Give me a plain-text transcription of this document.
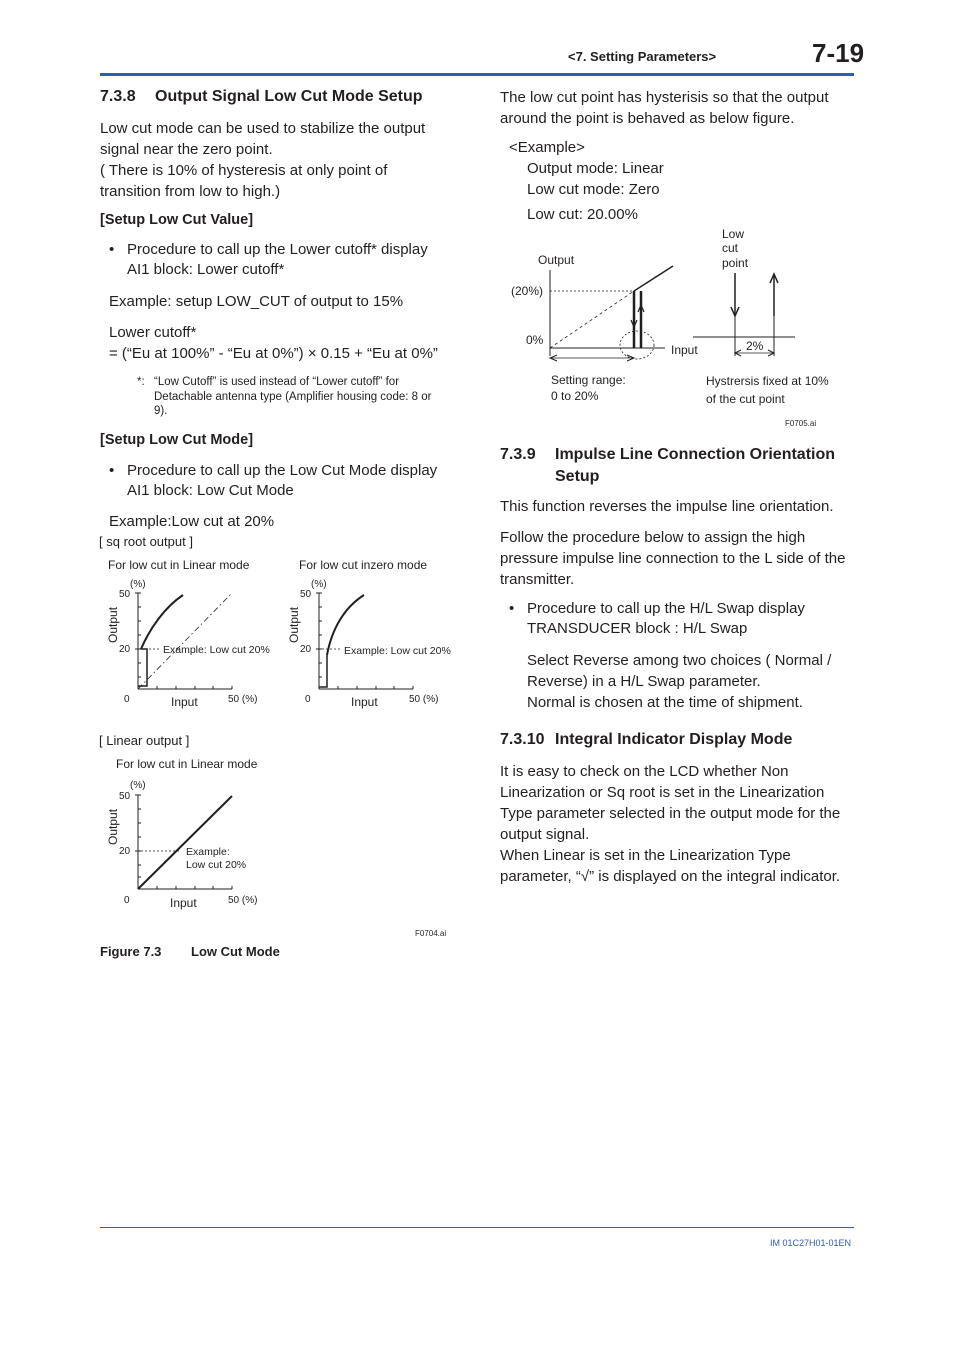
<7. Setting Parameters>	7-19
7.3.8 Output Signal Low Cut Mode Setup
Low cut mode can be used to stabilize the output
signal near the zero point.
( There is 10% of hysteresis at only point of
transition from low to high.)
[Setup Low Cut Value]
• Procedure to call up the Lower cutoff* display
AI1 block: Lower cutoff*
Example: setup LOW_CUT of output to 15%
Lower cutoff*
= (“Eu at 100%” - “Eu at 0%”) × 0.15 + “Eu at 0%”
*: “Low Cutoff” is used instead of “Lower cutoff” for
Detachable antenna type (Amplifier housing code: 8 or
9).
[Setup Low Cut Mode]
• Procedure to call up the Low Cut Mode display
AI1 block: Low Cut Mode
Example:Low cut at 20%
[ sq root output ]
For low cut in Linear mode
(%)
50
20
0	Input	50 (%)
Output
Example: Low cut 20%
For low cut inzero mode
(%)
50
20
0	Input	50 (%)
Output
Example: Low cut 20%
[ Linear output ]
For low cut in Linear mode
(%)
50
20
0	Input	50 (%)
Output
Example:
Low cut 20%
F0704.ai
Figure 7.3 Low Cut Mode
The low cut point has hysterisis so that the output
around the point is behaved as below figure.
<Example>
Output mode: Linear
Low cut mode: Zero
Low cut: 20.00%
Output
(20%)
0%
Input
Setting range:
0 to 20%
Low
cut
point
2%
Hystrersis fixed at 10%
of the cut point
F0705.ai
7.3.9 Impulse Line Connection Orientation
Setup
This function reverses the impulse line orientation.
Follow the procedure below to assign the high
pressure impulse line connection to the L side of the
transmitter.
• Procedure to call up the H/L Swap display
TRANSDUCER block : H/L Swap
Select Reverse among two choices ( Normal /
Reverse) in a H/L Swap parameter.
Normal is chosen at the time of shipment.
7.3.10 Integral Indicator Display Mode
It is easy to check on the LCD whether Non
Linearization or Sq root is set in the Linearization
Type parameter selected in the output mode for the
output signal.
When Linear is set in the Linearization Type
parameter, “√” is displayed on the integral indicator.
IM 01C27H01-01EN
